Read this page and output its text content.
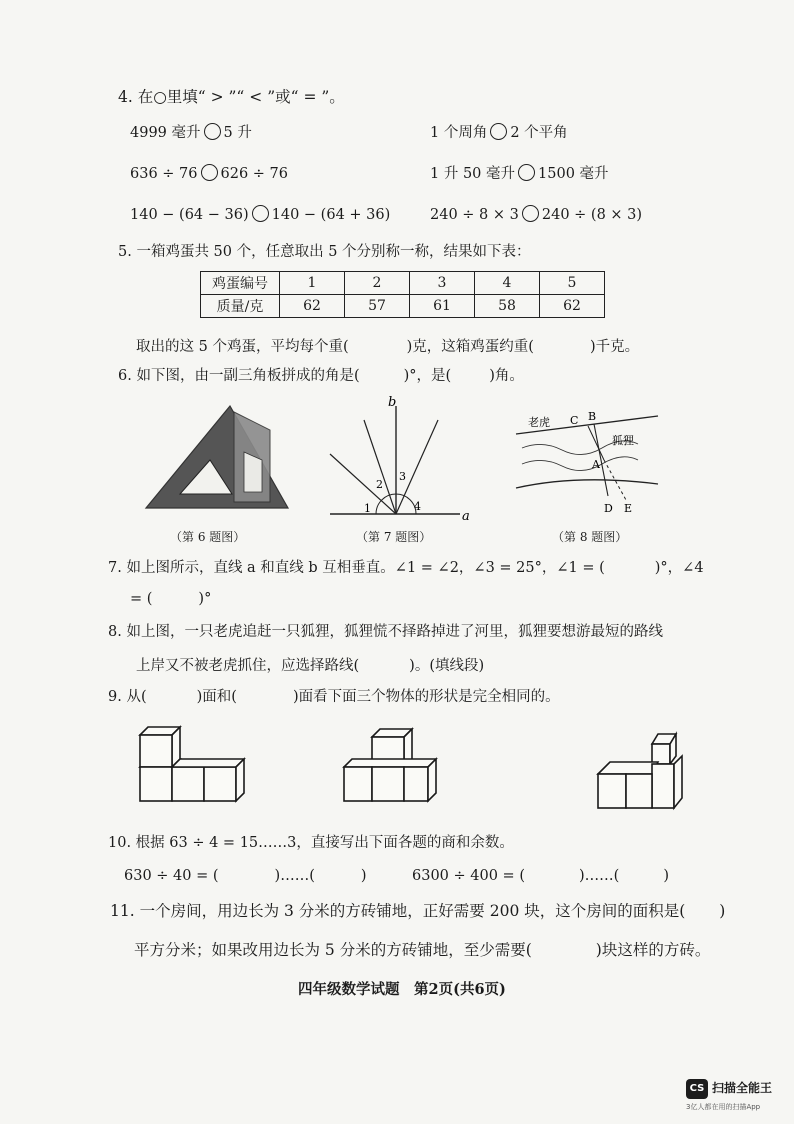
4. 在○里填“ > ”“ < ”或“ = ”。
4999 毫升 5 升	1 个周角 2 个平角
636 ÷ 76 626 ÷ 76	1 升 50 毫升 1500 毫升
140 − (64 − 36) 140 − (64 + 36)	240 ÷ 8 × 3 240 ÷ (8 × 3)
5. 一箱鸡蛋共 50 个，任意取出 5 个分别称一称，结果如下表：
鸡蛋编号	1	2	3	4	5
质量/克	62	57	61	58	62
取出的这 5 个鸡蛋，平均每个重(	)克，这箱鸡蛋约重(	)千克。
6. 如下图，由一副三角板拼成的角是(	)°，是(	)角。
（第 6 题图）
b
a
1
2
3
4
（第 7 题图）
老虎 C B
狐狸
A
D E
（第 8 题图）
7. 如上图所示，直线 a 和直线 b 互相垂直。∠1 = ∠2，∠3 = 25°，∠1 = (	)°，∠4
= (	)°
8. 如上图，一只老虎追赶一只狐狸，狐狸慌不择路掉进了河里，狐狸要想游最短的路线
上岸又不被老虎抓住，应选择路线(	)。(填线段)
9. 从(	)面和(	)面看下面三个物体的形状是完全相同的。
10. 根据 63 ÷ 4 = 15……3，直接写出下面各题的商和余数。
630 ÷ 40 = (	)……(	)	6300 ÷ 400 = (	)……(	)
11. 一个房间，用边长为 3 分米的方砖铺地，正好需要 200 块，这个房间的面积是( )
平方分米；如果改用边长为 5 分米的方砖铺地，至少需要(	)块这样的方砖。
四年级数学试题　第2页(共6页)
CS 扫描全能王
3亿人都在用的扫描App
